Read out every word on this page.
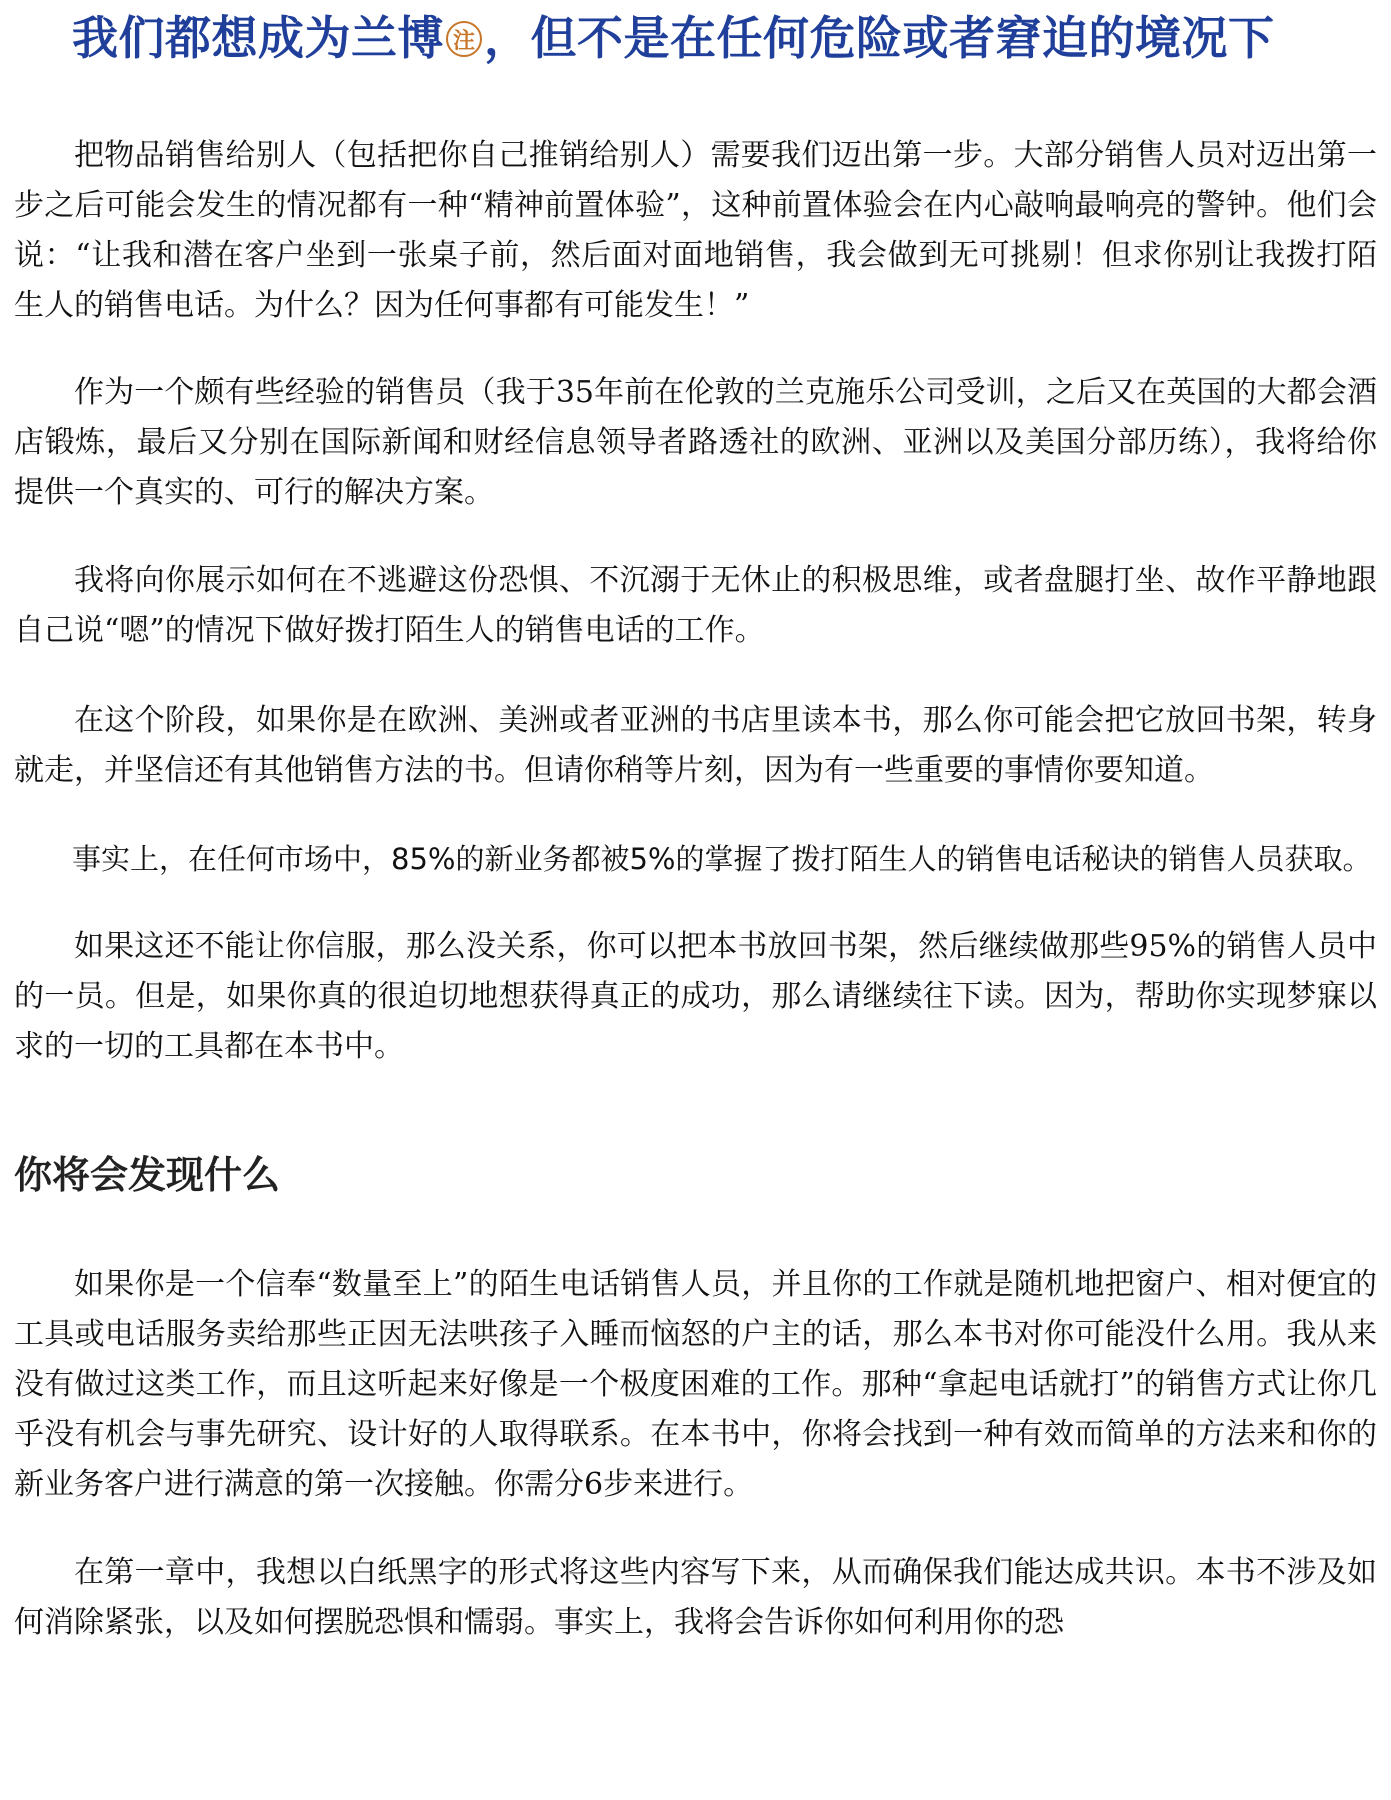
我们都想成为兰博 注 ，但不是在任何危险或者窘迫的境况下

把物品销售给别人（包括把你自己推销给别人）需要我们迈出第一步。大部分销售人员对迈出第一步之后可能会发生的情况都有一种“精神前置体验”，这种前置体验会在内心敲响最响亮的警钟。他们会说：“让我和潜在客户坐到一张桌子前，然后面对面地销售，我会做到无可挑剔！但求你别让我拨打陌生人的销售电话。为什么？因为任何事都有可能发生！”

作为一个颇有些经验的销售员（我于35年前在伦敦的兰克施乐公司受训，之后又在英国的大都会酒店锻炼，最后又分别在国际新闻和财经信息领导者路透社的欧洲、亚洲以及美国分部历练），我将给你提供一个真实的、可行的解决方案。

我将向你展示如何在不逃避这份恐惧、不沉溺于无休止的积极思维，或者盘腿打坐、故作平静地跟自己说“嗯”的情况下做好拨打陌生人的销售电话的工作。

在这个阶段，如果你是在欧洲、美洲或者亚洲的书店里读本书，那么你可能会把它放回书架，转身就走，并坚信还有其他销售方法的书。但请你稍等片刻，因为有一些重要的事情你要知道。

事实上，在任何市场中，85%的新业务都被5%的掌握了拨打陌生人的销售电话秘诀的销售人员获取。

如果这还不能让你信服，那么没关系，你可以把本书放回书架，然后继续做那些95%的销售人员中的一员。但是，如果你真的很迫切地想获得真正的成功，那么请继续往下读。因为，帮助你实现梦寐以求的一切的工具都在本书中。

你将会发现什么

如果你是一个信奉“数量至上”的陌生电话销售人员，并且你的工作就是随机地把窗户、相对便宜的工具或电话服务卖给那些正因无法哄孩子入睡而恼怒的户主的话，那么本书对你可能没什么用。我从来没有做过这类工作，而且这听起来好像是一个极度困难的工作。那种“拿起电话就打”的销售方式让你几乎没有机会与事先研究、设计好的人取得联系。在本书中，你将会找到一种有效而简单的方法来和你的新业务客户进行满意的第一次接触。你需分6步来进行。

在第一章中，我想以白纸黑字的形式将这些内容写下来，从而确保我们能达成共识。本书不涉及如何消除紧张，以及如何摆脱恐惧和懦弱。事实上，我将会告诉你如何利用你的恐
